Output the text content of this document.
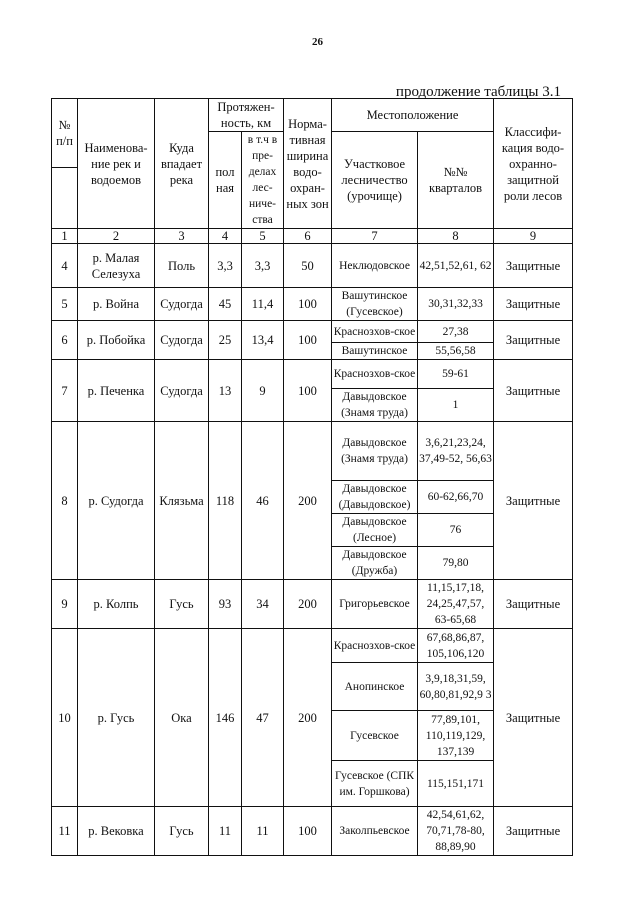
26
продолжение таблицы 3.1
№ п/п	Наименова-ние рек и водоемов	Куда впадает река	Протяжен-ность, км		Норма-тивная ширина водо-охран-ных зон	Местоположение		Классифи-кация водо-охранно-защитной роли лесов
			пол ная	в т.ч в пре-делах лес-ниче-ства		Участковое лесничество (урочище)	№№ кварталов	

1	2	3	4	5	6	7	8	9
4	р. Малая Селезуха	Поль	3,3	3,3	50	Неклюдовское	42,51,52,61, 62	Защитные
5	р. Война	Судогда	45	11,4	100	Вашутинское (Гусевское)	30,31,32,33	Защитные
6	р. Побойка	Судогда	25	13,4	100	Краснозхов-ское	27,38	Защитные
						Вашутинское	55,56,58	
7	р. Печенка	Судогда	13	9	100	Краснозхов-ское	59-61	Защитные
						Давыдовское (Знамя труда)	1	
8	р. Судогда	Клязьма	118	46	200	Давыдовское (Знамя труда)	3,6,21,23,24, 37,49-52, 56,63	Защитные
						Давыдовское (Давыдовское)	60-62,66,70	
						Давыдовское (Лесное)	76	
						Давыдовское (Дружба)	79,80	
9	р. Колпь	Гусь	93	34	200	Григорьевское	11,15,17,18, 24,25,47,57, 63-65,68	Защитные
10	р. Гусь	Ока	146	47	200	Краснозхов-ское	67,68,86,87, 105,106,120	Защитные
						Анопинское	3,9,18,31,59, 60,80,81,92,9 3	
						Гусевское	77,89,101, 110,119,129, 137,139	
						Гусевское (СПК им. Горшкова)	115,151,171	
11	р. Вековка	Гусь	11	11	100	Заколпьевское	42,54,61,62, 70,71,78-80, 88,89,90	Защитные
